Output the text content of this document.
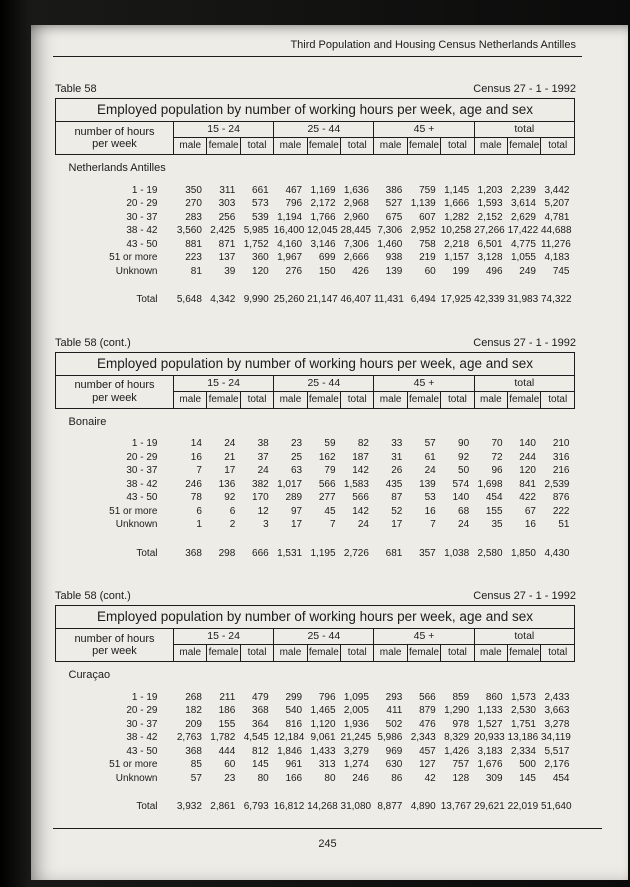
Third Population and Housing Census Netherlands Antilles
Table 58	Census 27 - 1 - 1992
Employed population by number of working hours per week, age and sex												
number of hours per week	15 - 24			25 - 44			45 +			total		
	male	female	total	male	female	total	male	female	total	male	female	total
Netherlands Antilles												
1 - 19	350	311	661	467	1,169	1,636	386	759	1,145	1,203	2,239	3,442
20 - 29	270	303	573	796	2,172	2,968	527	1,139	1,666	1,593	3,614	5,207
30 - 37	283	256	539	1,194	1,766	2,960	675	607	1,282	2,152	2,629	4,781
38 - 42	3,560	2,425	5,985	16,400	12,045	28,445	7,306	2,952	10,258	27,266	17,422	44,688
43 - 50	881	871	1,752	4,160	3,146	7,306	1,460	758	2,218	6,501	4,775	11,276
51 or more	223	137	360	1,967	699	2,666	938	219	1,157	3,128	1,055	4,183
Unknown	81	39	120	276	150	426	139	60	199	496	249	745
Total	5,648	4,342	9,990	25,260	21,147	46,407	11,431	6,494	17,925	42,339	31,983	74,322
Table 58 (cont.)	Census 27 - 1 - 1992
Employed population by number of working hours per week, age and sex												
number of hours per week	15 - 24			25 - 44			45 +			total		
	male	female	total	male	female	total	male	female	total	male	female	total
Bonaire												
1 - 19	14	24	38	23	59	82	33	57	90	70	140	210
20 - 29	16	21	37	25	162	187	31	61	92	72	244	316
30 - 37	7	17	24	63	79	142	26	24	50	96	120	216
38 - 42	246	136	382	1,017	566	1,583	435	139	574	1,698	841	2,539
43 - 50	78	92	170	289	277	566	87	53	140	454	422	876
51 or more	6	6	12	97	45	142	52	16	68	155	67	222
Unknown	1	2	3	17	7	24	17	7	24	35	16	51
Total	368	298	666	1,531	1,195	2,726	681	357	1,038	2,580	1,850	4,430
Table 58 (cont.)	Census 27 - 1 - 1992
Employed population by number of working hours per week, age and sex												
number of hours per week	15 - 24			25 - 44			45 +			total		
	male	female	total	male	female	total	male	female	total	male	female	total
Curaçao												
1 - 19	268	211	479	299	796	1,095	293	566	859	860	1,573	2,433
20 - 29	182	186	368	540	1,465	2,005	411	879	1,290	1,133	2,530	3,663
30 - 37	209	155	364	816	1,120	1,936	502	476	978	1,527	1,751	3,278
38 - 42	2,763	1,782	4,545	12,184	9,061	21,245	5,986	2,343	8,329	20,933	13,186	34,119
43 - 50	368	444	812	1,846	1,433	3,279	969	457	1,426	3,183	2,334	5,517
51 or more	85	60	145	961	313	1,274	630	127	757	1,676	500	2,176
Unknown	57	23	80	166	80	246	86	42	128	309	145	454
Total	3,932	2,861	6,793	16,812	14,268	31,080	8,877	4,890	13,767	29,621	22,019	51,640
245
